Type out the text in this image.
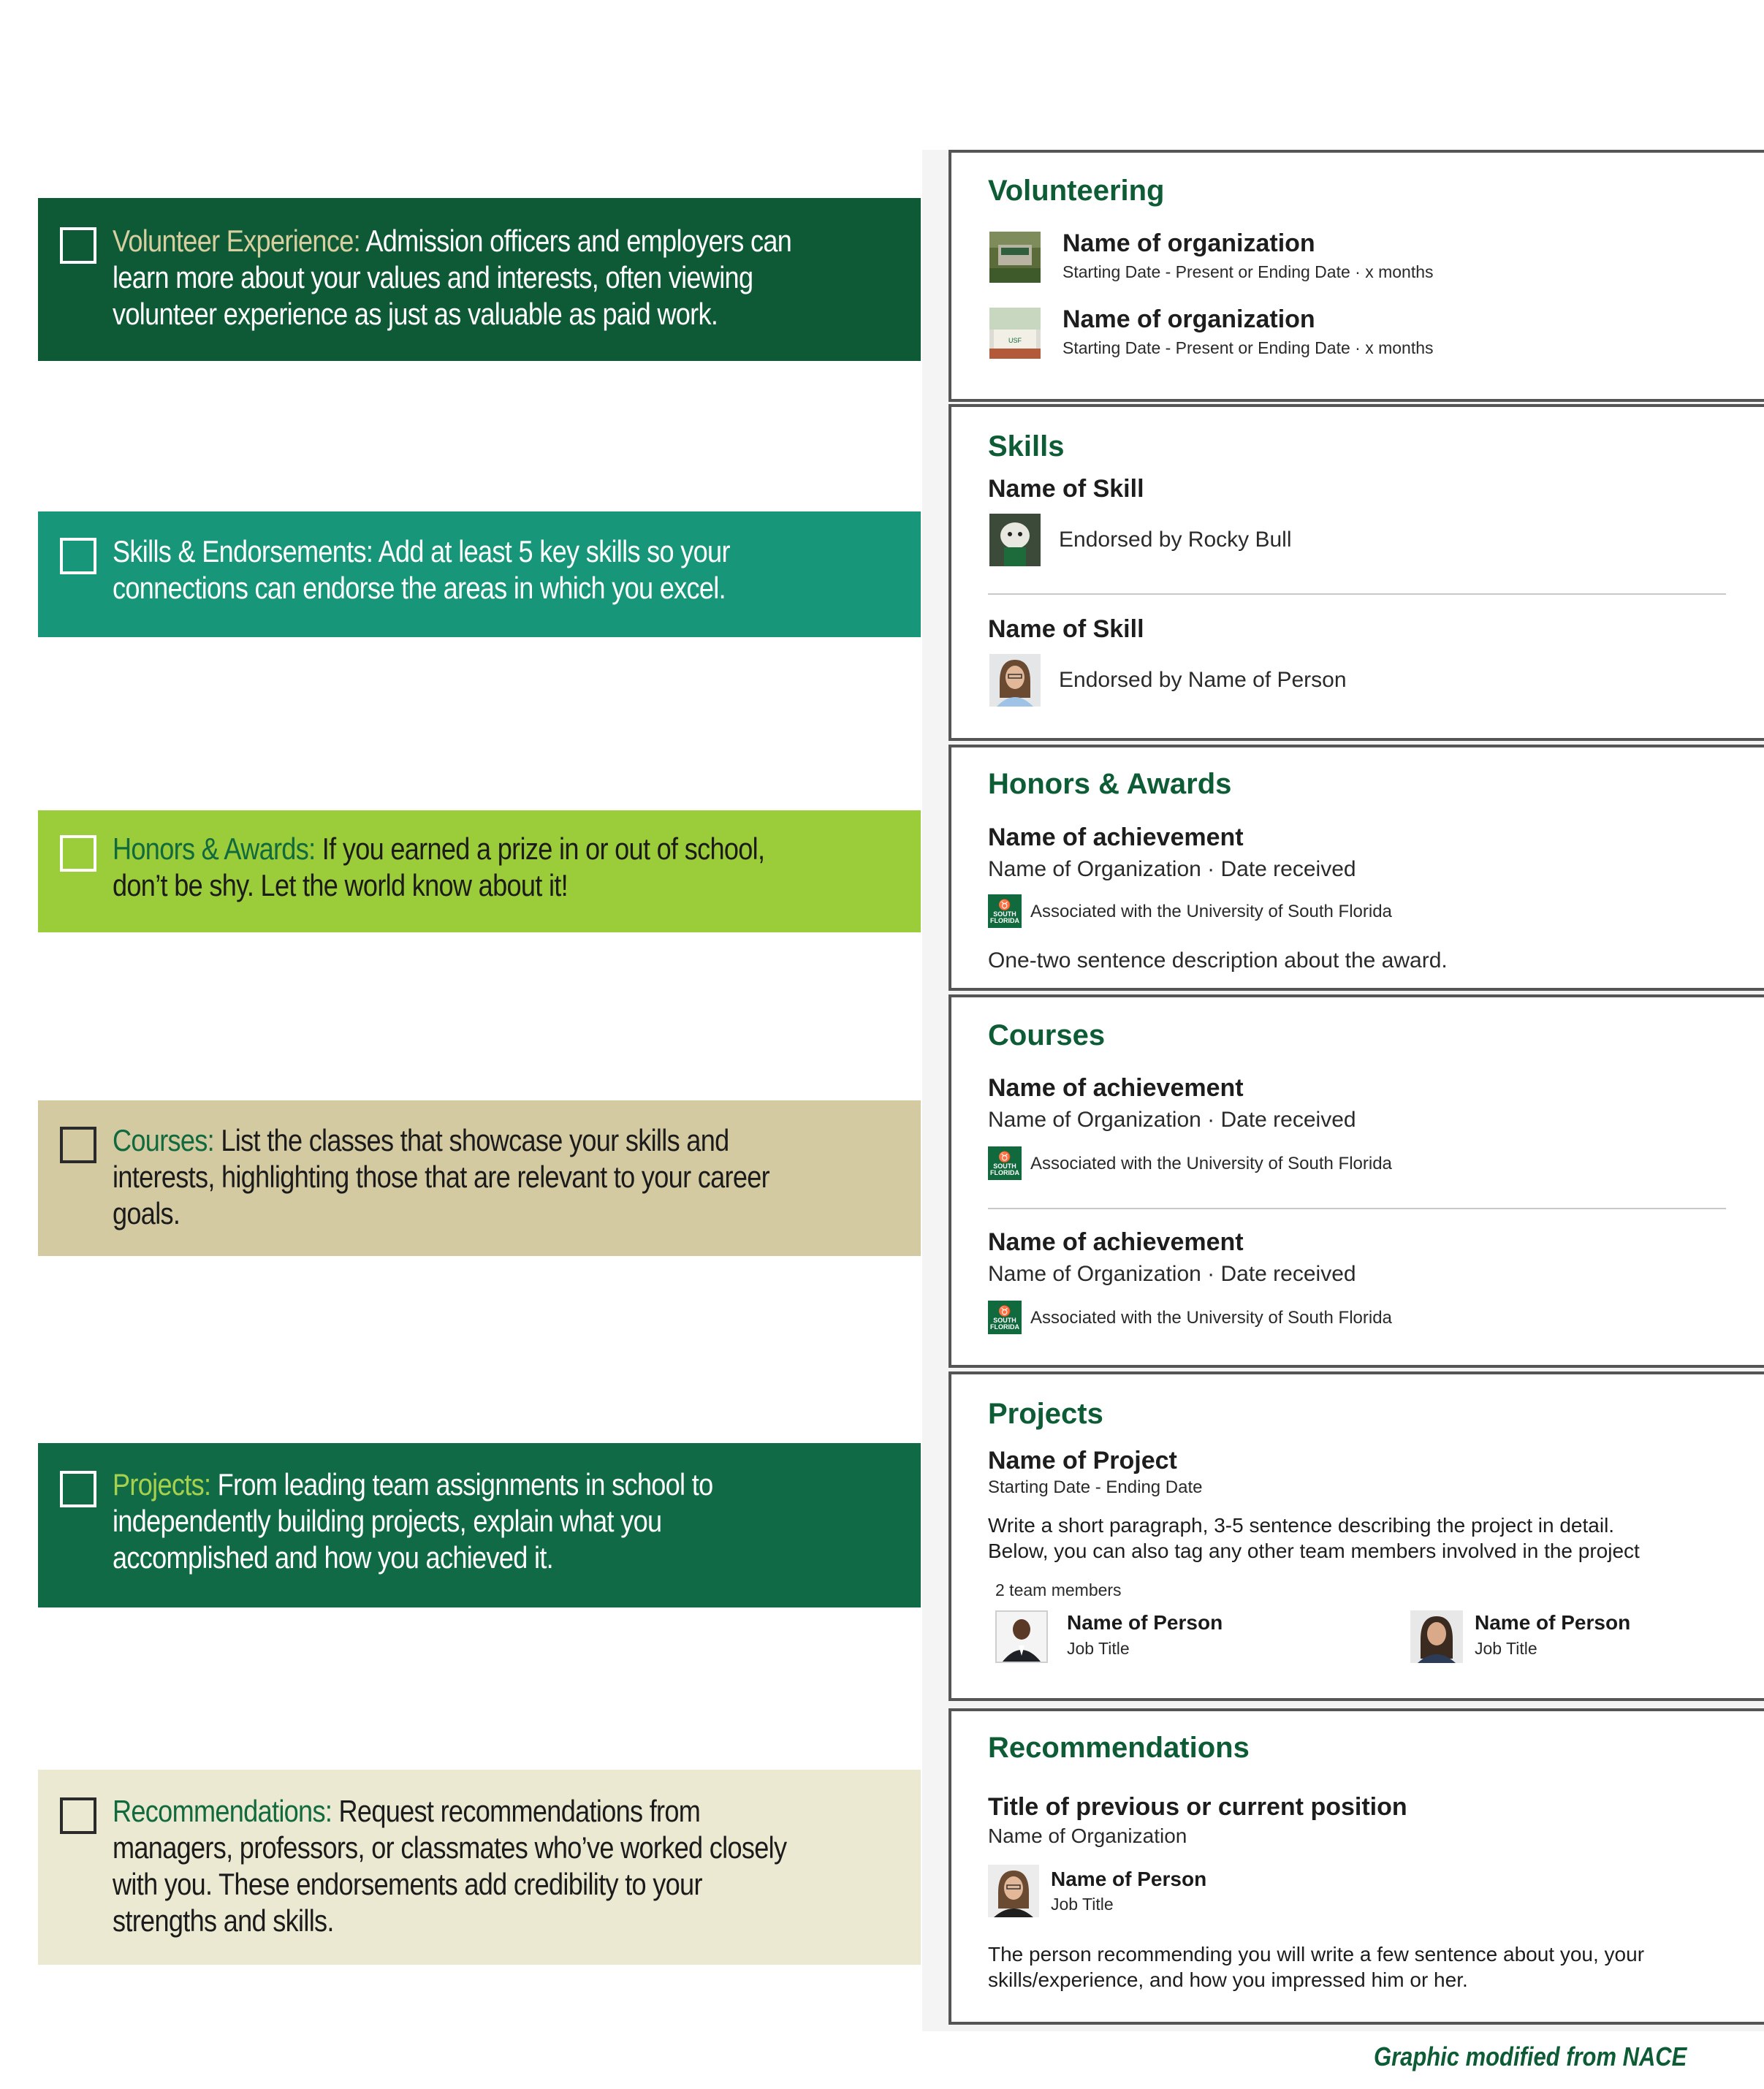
Volunteer Experience: Admission officers and employers can learn more about your values and interests, often viewing volunteer experience as just as valuable as paid work.
Skills & Endorsements: Add at least 5 key skills so your connections can endorse the areas in which you excel.
Honors & Awards: If you earned a prize in or out of school, don’t be shy. Let the world know about it!
Courses: List the classes that showcase your skills and interests, highlighting those that are relevant to your career goals.
Projects: From leading team assignments in school to independently building projects, explain what you accomplished and how you achieved it.
Recommendations: Request recommendations from managers, professors, or classmates who’ve worked closely with you. These endorsements add credibility to your strengths and skills.
Volunteering
Name of organization
Starting Date - Present or Ending Date · x months
USF
Name of organization
Starting Date - Present or Ending Date · x months
Skills
Name of Skill
Endorsed by Rocky Bull
Name of Skill
Endorsed by Name of Person
Honors & Awards
Name of achievement
Name of Organization · Date received
♉
SOUTH
FLORIDA Associated with the University of South Florida
One-two sentence description about the award.
Courses
Name of achievement
Name of Organization · Date received
♉
SOUTH
FLORIDA Associated with the University of South Florida
Name of achievement
Name of Organization · Date received
♉
SOUTH
FLORIDA Associated with the University of South Florida
Projects
Name of Project
Starting Date - Ending Date
Write a short paragraph, 3-5 sentence describing the project in detail.
Below, you can also tag any other team members involved in the project
2 team members
Name of Person
Job Title
Name of Person
Job Title
Recommendations
Title of previous or current position
Name of Organization
Name of Person
Job Title
The person recommending you will write a few sentence about you, your
skills/experience, and how you impressed him or her.
Graphic modified from NACE
